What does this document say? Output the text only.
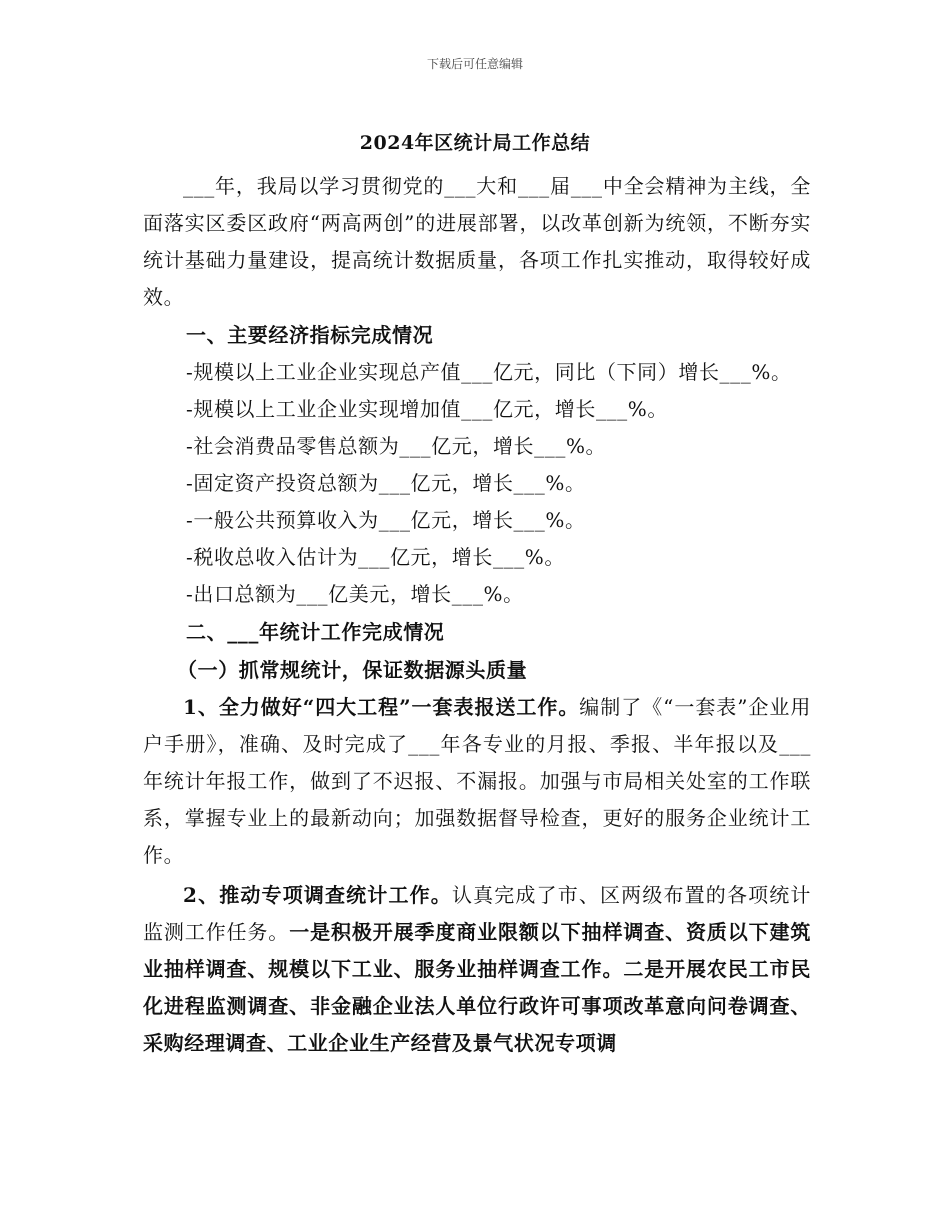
下载后可任意编辑
2024年区统计局工作总结

___年，我局以学习贯彻党的___大和___届___中全会精神为主线，全面落实区委区政府“两高两创”的进展部署，以改革创新为统领，不断夯实统计基础力量建设，提高统计数据质量，各项工作扎实推动，取得较好成效。

一、主要经济指标完成情况

-规模以上工业企业实现总产值___亿元，同比（下同）增长___%。

-规模以上工业企业实现增加值___亿元，增长___%。

-社会消费品零售总额为___亿元，增长___%。

-固定资产投资总额为___亿元，增长___%。

-一般公共预算收入为___亿元，增长___%。

-税收总收入估计为___亿元，增长___%。

-出口总额为___亿美元，增长___%。

二、___年统计工作完成情况

（一）抓常规统计，保证数据源头质量

1、全力做好“四大工程”一套表报送工作。编制了《“一套表”企业用户手册》，准确、及时完成了___年各专业的月报、季报、半年报以及___年统计年报工作，做到了不迟报、不漏报。加强与市局相关处室的工作联系，掌握专业上的最新动向；加强数据督导检查，更好的服务企业统计工作。

2、推动专项调查统计工作。认真完成了市、区两级布置的各项统计监测工作任务。一是积极开展季度商业限额以下抽样调查、资质以下建筑业抽样调查、规模以下工业、服务业抽样调查工作。二是开展农民工市民化进程监测调查、非金融企业法人单位行政许可事项改革意向问卷调查、采购经理调查、工业企业生产经营及景气状况专项调
